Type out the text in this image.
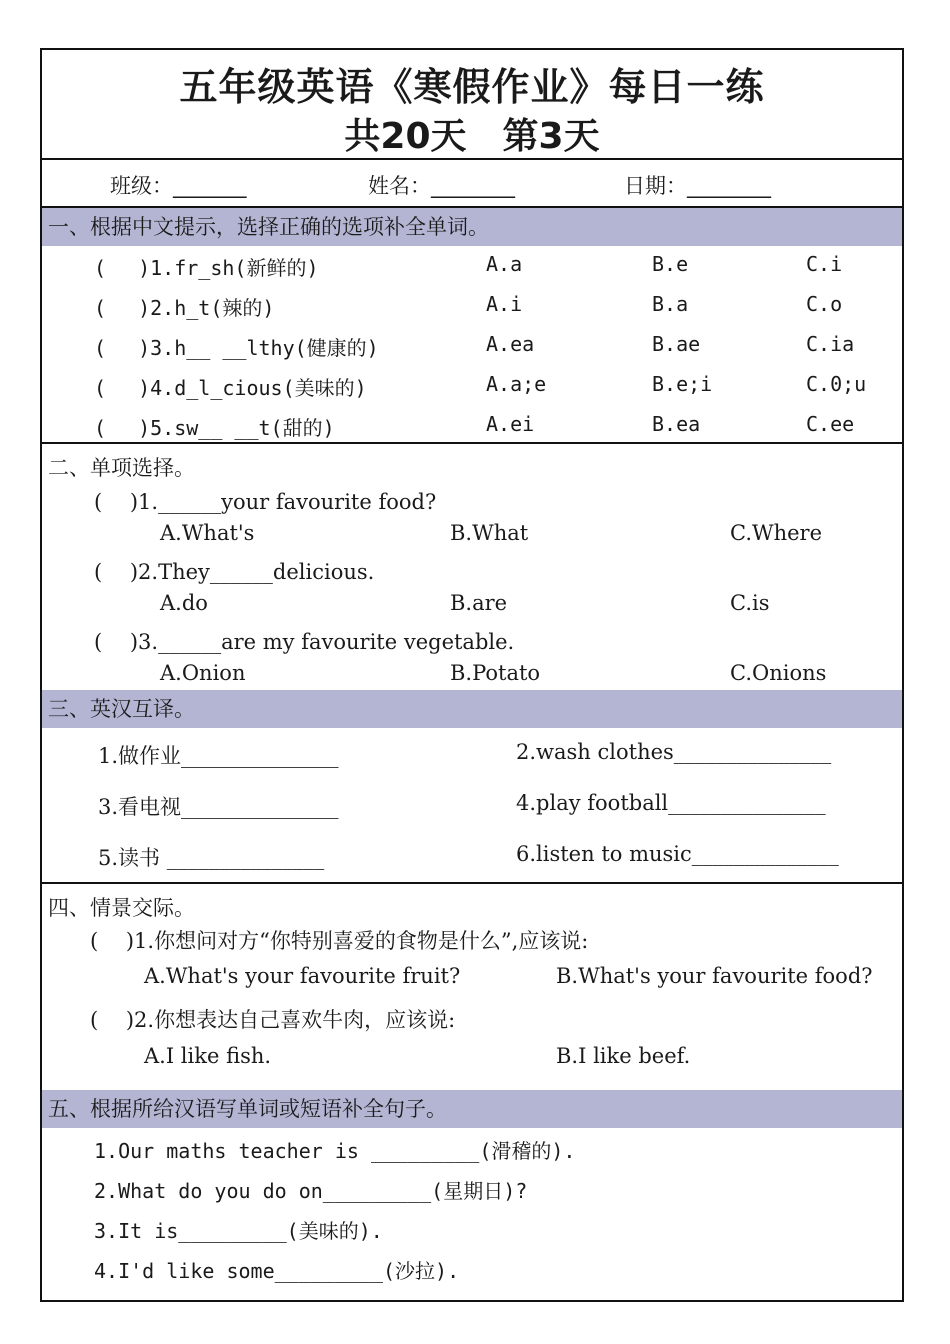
五年级英语《寒假作业》每日一练
共20天　第3天
班级：_______	姓名：________	日期：________
一、根据中文提示，选择正确的选项补全单词。
(　 )1.fr_sh(新鲜的)	A.a	B.e	C.i
(　 )2.h_t(辣的)	A.i	B.a	C.o
(　 )3.h__ __lthy(健康的)	A.ea	B.ae	C.ia
(　 )4.d_l_cious(美味的)	A.a;e	B.e;i	C.0;u
(　 )5.sw__ __t(甜的)	A.ei	B.ea	C.ee
二、单项选择。
(　 )1.______your favourite food?
A.What's	B.What	C.Where
(　 )2.They______delicious.
A.do	B.are	C.is
(　 )3.______are my favourite vegetable.
A.Onion	B.Potato	C.Onions
三、英汉互译。
1.做作业_______________	2.wash clothes_______________
3.看电视_______________	4.play football_______________
5.读书 _______________	6.listen to music______________
四、情景交际。
(　 )1.你想问对方“你特别喜爱的食物是什么”,应该说:
A.What's your favourite fruit?	B.What's your favourite food?
(　 )2.你想表达自己喜欢牛肉，应该说:
A.I like fish.	B.I like beef.
五、根据所给汉语写单词或短语补全句子。
1.Our maths teacher is _________(滑稽的).
2.What do you do on_________(星期日)?
3.It is_________(美味的).
4.I'd like some_________(沙拉).
